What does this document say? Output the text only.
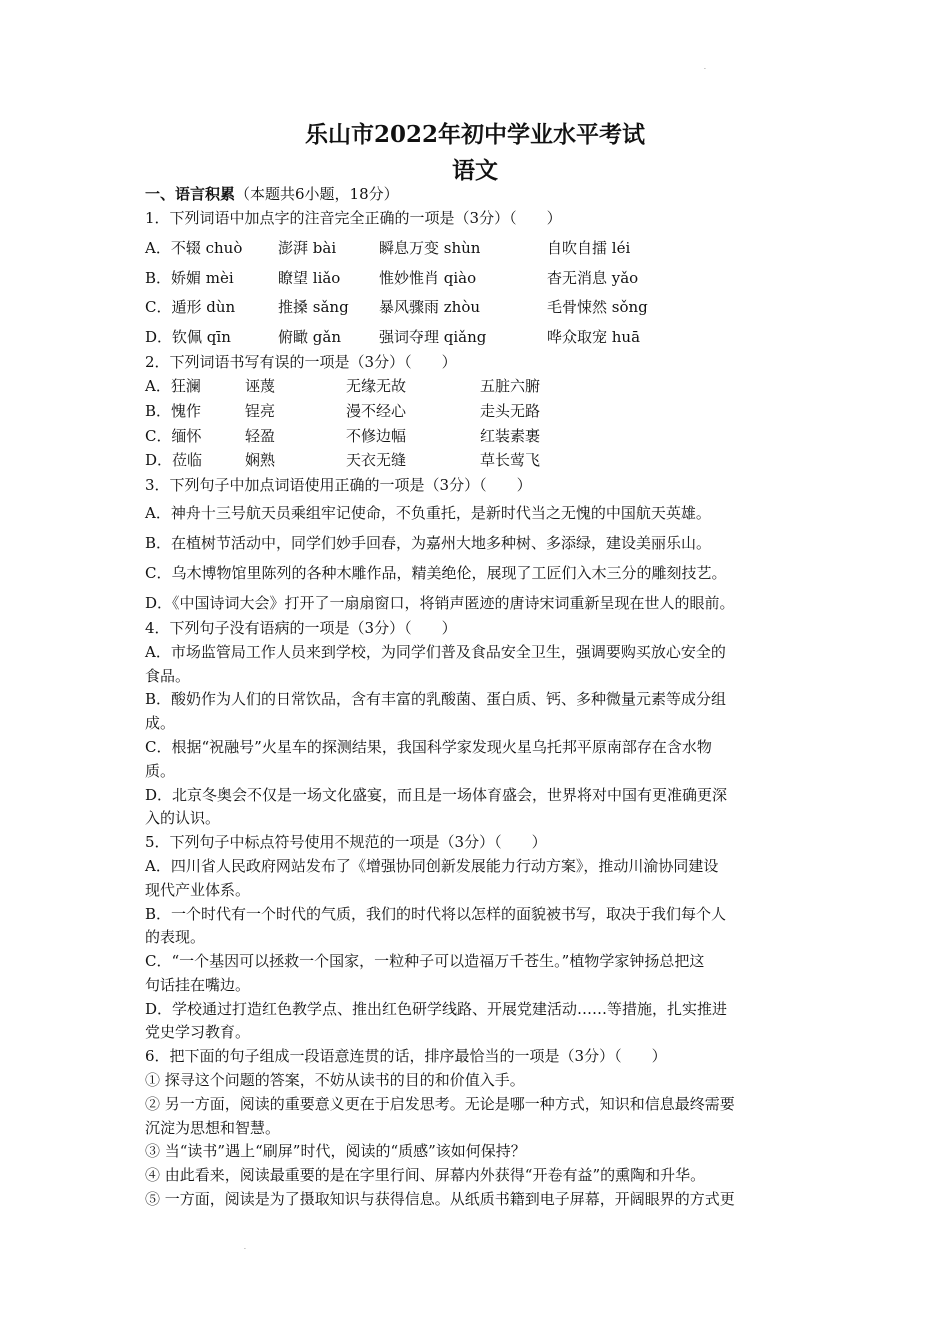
·
·
乐山市2022年初中学业水平考试
语文
一、语言积累（本题共6小题，18分）
1．下列词语中加点字的注音完全正确的一项是（3分）（　　）
A．不辍 chuò 澎湃 bài	瞬息万变 shùn	自吹自擂 léi
B．娇媚 mèi	瞭望 liǎo	惟妙惟肖 qiào	杳无消息 yǎo
C．遁形 dùn	推搡 sǎng 暴风骤雨 zhòu	毛骨悚然 sǒng
D．钦佩 qīn	俯瞰 gǎn	强词夺理 qiǎng	哗众取宠 huā
2．下列词语书写有误的一项是（3分）（　　）
A．狂澜	诬蔑	无缘无故	五脏六腑
B．愧作	锃亮	漫不经心	走头无路
C．缅怀	轻盈	不修边幅	红装素裹
D．莅临	娴熟	天衣无缝	草长莺飞
3．下列句子中加点词语使用正确的一项是（3分）（　　）
A．神舟十三号航天员乘组牢记使命，不负重托，是新时代当之无愧的中国航天英雄。
B．在植树节活动中，同学们妙手回春，为嘉州大地多种树、多添绿，建设美丽乐山。
C．乌木博物馆里陈列的各种木雕作品，精美绝伦，展现了工匠们入木三分的雕刻技艺。
D．《中国诗词大会》打开了一扇扇窗口，将销声匿迹的唐诗宋词重新呈现在世人的眼前。
4．下列句子没有语病的一项是（3分）（　　）
A．市场监管局工作人员来到学校，为同学们普及食品安全卫生，强调要购买放心安全的
食品。
B．酸奶作为人们的日常饮品，含有丰富的乳酸菌、蛋白质、钙、多种微量元素等成分组
成。
C．根据“祝融号”火星车的探测结果，我国科学家发现火星乌托邦平原南部存在含水物
质。
D．北京冬奥会不仅是一场文化盛宴，而且是一场体育盛会，世界将对中国有更准确更深
入的认识。
5．下列句子中标点符号使用不规范的一项是（3分）（　　）
A．四川省人民政府网站发布了《增强协同创新发展能力行动方案》，推动川渝协同建设
现代产业体系。
B．一个时代有一个时代的气质，我们的时代将以怎样的面貌被书写，取决于我们每个人
的表现。
C．“一个基因可以拯救一个国家，一粒种子可以造福万千苍生。”植物学家钟扬总把这
句话挂在嘴边。
D．学校通过打造红色教学点、推出红色研学线路、开展党建活动……等措施，扎实推进
党史学习教育。
6．把下面的句子组成一段语意连贯的话，排序最恰当的一项是（3分）（　　）
① 探寻这个问题的答案，不妨从读书的目的和价值入手。
② 另一方面，阅读的重要意义更在于启发思考。无论是哪一种方式，知识和信息最终需要
沉淀为思想和智慧。
③ 当“读书”遇上“刷屏”时代，阅读的“质感”该如何保持？
④ 由此看来，阅读最重要的是在字里行间、屏幕内外获得“开卷有益”的熏陶和升华。
⑤ 一方面，阅读是为了摄取知识与获得信息。从纸质书籍到电子屏幕，开阔眼界的方式更
